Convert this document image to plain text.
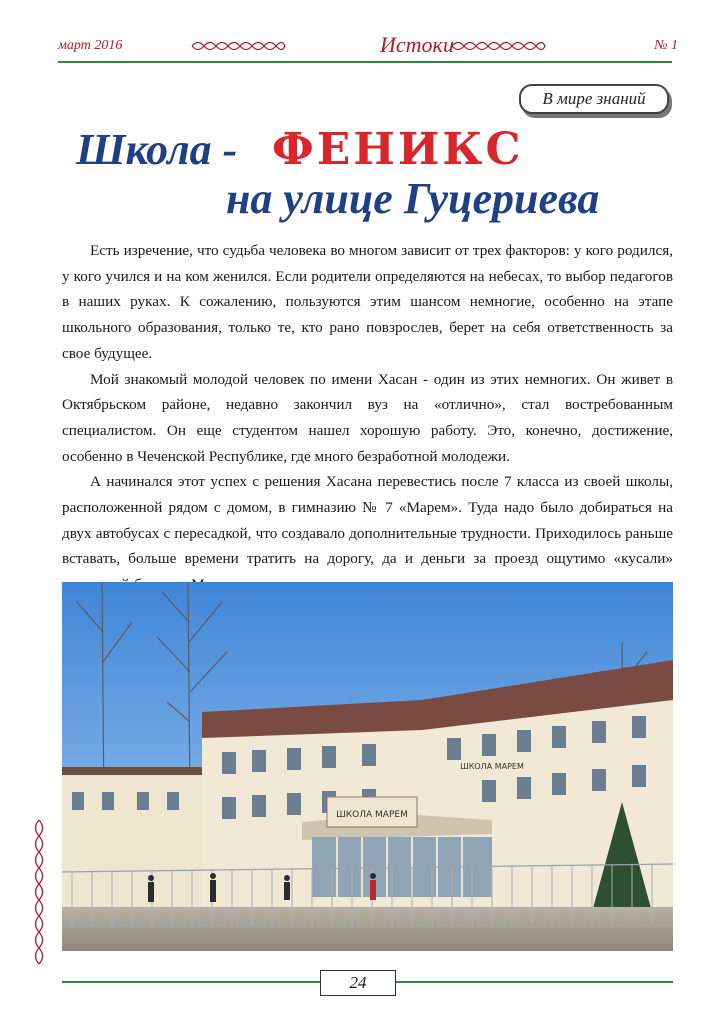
март 2016	Истоки	№ 1
В мире знаний
Школа - ФЕНИКС
на улице Гуцериева

Есть изречение, что судьба человека во многом зависит от трех факторов: у кого родился, у кого учился и на ком женился. Если родители определяются на небесах, то выбор педагогов в наших руках. К сожалению, пользуются этим шансом немногие, особенно на этапе школьного образования, только те, кто рано повзрослев, берет на себя ответственность за свое будущее.

Мой знакомый молодой человек по имени Хасан - один из этих немногих. Он живет в Октябрьском районе, недавно закончил вуз на «отлично», стал востребованным специалистом. Он еще студентом нашел хорошую работу. Это, конечно, достижение, особенно в Чеченской Республике, где много безработной молодежи.

А начинался этот успех с решения Хасана перевестись после 7 класса из своей школы, расположенной рядом с домом, в гимназию № 7 «Марем». Туда надо было добираться на двух автобусах с пересадкой, что создавало дополнительные трудности. Приходилось раньше вставать, больше времени тратить на дорогу, да и деньги за проезд ощутимо «кусали»

ШКОЛА МАРЕМ
ШКОЛА МАРЕМ
24
